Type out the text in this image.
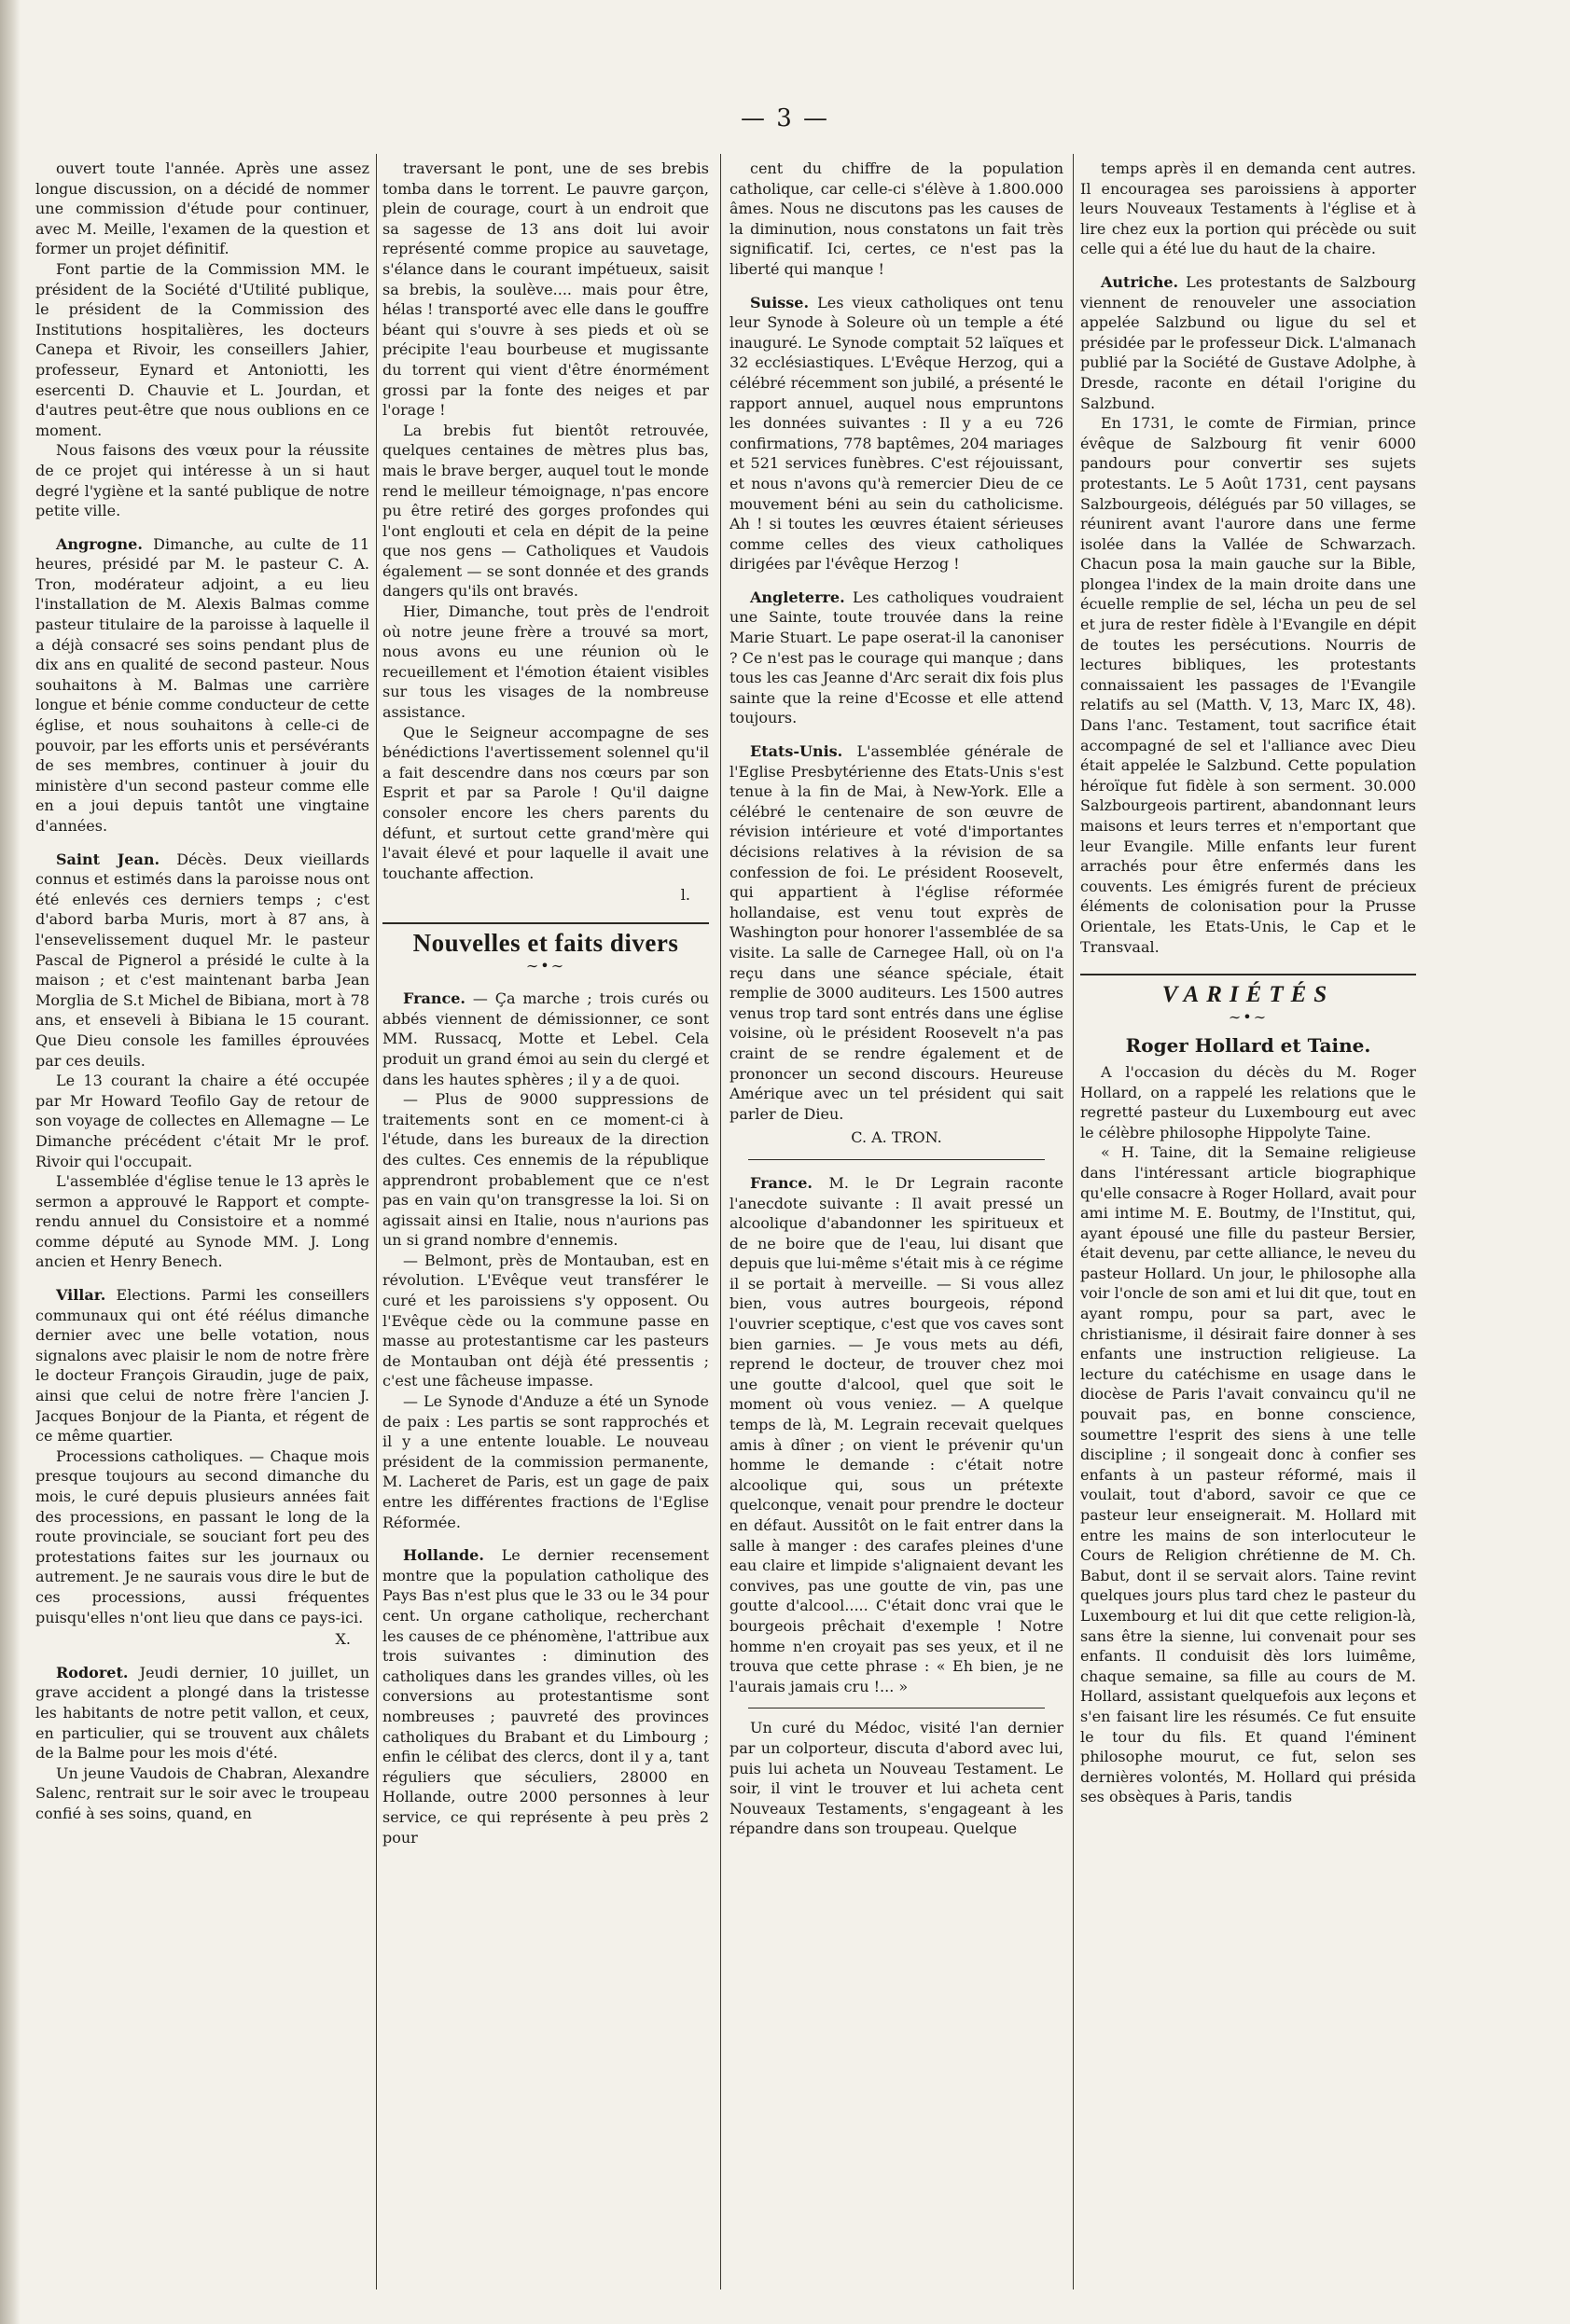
— 3 —

ouvert toute l'année. Après une assez longue discussion, on a décidé de nommer une commission d'étude pour continuer, avec M. Meille, l'examen de la question et former un projet définitif.

Font partie de la Commission MM. le président de la Société d'Utilité publique, le président de la Commission des Institutions hospitalières, les docteurs Canepa et Rivoir, les conseillers Jahier, professeur, Eynard et Antoniotti, les esercenti D. Chauvie et L. Jourdan, et d'autres peut-être que nous oublions en ce moment.

Nous faisons des vœux pour la réussite de ce projet qui intéresse à un si haut degré l'ygiène et la santé publique de notre petite ville.

Angrogne. Dimanche, au culte de 11 heures, présidé par M. le pasteur C. A. Tron, modérateur adjoint, a eu lieu l'installation de M. Alexis Balmas comme pasteur titulaire de la paroisse à laquelle il a déjà consacré ses soins pendant plus de dix ans en qualité de second pasteur. Nous souhaitons à M. Balmas une carrière longue et bénie comme conducteur de cette église, et nous souhaitons à celle-ci de pouvoir, par les efforts unis et persévérants de ses membres, continuer à jouir du ministère d'un second pasteur comme elle en a joui depuis tantôt une vingtaine d'années.

Saint Jean. Décès. Deux vieillards connus et estimés dans la paroisse nous ont été enlevés ces derniers temps ; c'est d'abord barba Muris, mort à 87 ans, à l'ensevelissement duquel Mr. le pasteur Pascal de Pignerol a présidé le culte à la maison ; et c'est maintenant barba Jean Morglia de S.t Michel de Bibiana, mort à 78 ans, et enseveli à Bibiana le 15 courant. Que Dieu console les familles éprouvées par ces deuils.

Le 13 courant la chaire a été occupée par Mr Howard Teofilo Gay de retour de son voyage de collectes en Allemagne — Le Dimanche précédent c'était Mr le prof. Rivoir qui l'occupait.

L'assemblée d'église tenue le 13 après le sermon a approuvé le Rapport et compte-rendu annuel du Consistoire et a nommé comme député au Synode MM. J. Long ancien et Henry Benech.

Villar. Elections. Parmi les conseillers communaux qui ont été réélus dimanche dernier avec une belle votation, nous signalons avec plaisir le nom de notre frère le docteur François Giraudin, juge de paix, ainsi que celui de notre frère l'ancien J. Jacques Bonjour de la Pianta, et régent de ce même quartier.

Processions catholiques. — Chaque mois presque toujours au second dimanche du mois, le curé depuis plusieurs années fait des processions, en passant le long de la route provinciale, se souciant fort peu des protestations faites sur les journaux ou autrement. Je ne saurais vous dire le but de ces processions, aussi fréquentes puisqu'elles n'ont lieu que dans ce pays-ici.

X.

Rodoret. Jeudi dernier, 10 juillet, un grave accident a plongé dans la tristesse les habitants de notre petit vallon, et ceux, en particulier, qui se trouvent aux châlets de la Balme pour les mois d'été.

Un jeune Vaudois de Chabran, Alexandre Salenc, rentrait sur le soir avec le troupeau confié à ses soins, quand, en

traversant le pont, une de ses brebis tomba dans le torrent. Le pauvre garçon, plein de courage, court à un endroit que sa sagesse de 13 ans doit lui avoir représenté comme propice au sauvetage, s'élance dans le courant impétueux, saisit sa brebis, la soulève.... mais pour être, hélas ! transporté avec elle dans le gouffre béant qui s'ouvre à ses pieds et où se précipite l'eau bourbeuse et mugissante du torrent qui vient d'être énormément grossi par la fonte des neiges et par l'orage !

La brebis fut bientôt retrouvée, quelques centaines de mètres plus bas, mais le brave berger, auquel tout le monde rend le meilleur témoignage, n'pas encore pu être retiré des gorges profondes qui l'ont englouti et cela en dépit de la peine que nos gens — Catholiques et Vaudois également — se sont donnée et des grands dangers qu'ils ont bravés.

Hier, Dimanche, tout près de l'endroit où notre jeune frère a trouvé sa mort, nous avons eu une réunion où le recueillement et l'émotion étaient visibles sur tous les visages de la nombreuse assistance.

Que le Seigneur accompagne de ses bénédictions l'avertissement solennel qu'il a fait descendre dans nos cœurs par son Esprit et par sa Parole ! Qu'il daigne consoler encore les chers parents du défunt, et surtout cette grand'mère qui l'avait élevé et pour laquelle il avait une touchante affection.

l.

Nouvelles et faits divers
∼•∼

France. — Ça marche ; trois curés ou abbés viennent de démissionner, ce sont MM. Russacq, Motte et Lebel. Cela produit un grand émoi au sein du clergé et dans les hautes sphères ; il y a de quoi.

— Plus de 9000 suppressions de traitements sont en ce moment-ci à l'étude, dans les bureaux de la direction des cultes. Ces ennemis de la république apprendront probablement que ce n'est pas en vain qu'on transgresse la loi. Si on agissait ainsi en Italie, nous n'aurions pas un si grand nombre d'ennemis.

— Belmont, près de Montauban, est en révolution. L'Evêque veut transférer le curé et les paroissiens s'y opposent. Ou l'Evêque cède ou la commune passe en masse au protestantisme car les pasteurs de Montauban ont déjà été pressentis ; c'est une fâcheuse impasse.

— Le Synode d'Anduze a été un Synode de paix : Les partis se sont rapprochés et il y a une entente louable. Le nouveau président de la commission permanente, M. Lacheret de Paris, est un gage de paix entre les différentes fractions de l'Eglise Réformée.

Hollande. Le dernier recensement montre que la population catholique des Pays Bas n'est plus que le 33 ou le 34 pour cent. Un organe catholique, recherchant les causes de ce phénomène, l'attribue aux trois suivantes : diminution des catholiques dans les grandes villes, où les conversions au protestantisme sont nombreuses ; pauvreté des provinces catholiques du Brabant et du Limbourg ; enfin le célibat des clercs, dont il y a, tant réguliers que séculiers, 28000 en Hollande, outre 2000 personnes à leur service, ce qui représente à peu près 2 pour

cent du chiffre de la population catholique, car celle-ci s'élève à 1.800.000 âmes. Nous ne discutons pas les causes de la diminution, nous constatons un fait très significatif. Ici, certes, ce n'est pas la liberté qui manque !

Suisse. Les vieux catholiques ont tenu leur Synode à Soleure où un temple a été inauguré. Le Synode comptait 52 laïques et 32 ecclésiastiques. L'Evêque Herzog, qui a célébré récemment son jubilé, a présenté le rapport annuel, auquel nous empruntons les données suivantes : Il y a eu 726 confirmations, 778 baptêmes, 204 mariages et 521 services funèbres. C'est réjouissant, et nous n'avons qu'à remercier Dieu de ce mouvement béni au sein du catholicisme. Ah ! si toutes les œuvres étaient sérieuses comme celles des vieux catholiques dirigées par l'évêque Herzog !

Angleterre. Les catholiques voudraient une Sainte, toute trouvée dans la reine Marie Stuart. Le pape oserat-il la canoniser ? Ce n'est pas le courage qui manque ; dans tous les cas Jeanne d'Arc serait dix fois plus sainte que la reine d'Ecosse et elle attend toujours.

Etats-Unis. L'assemblée générale de l'Eglise Presbytérienne des Etats-Unis s'est tenue à la fin de Mai, à New-York. Elle a célébré le centenaire de son œuvre de révision intérieure et voté d'importantes décisions relatives à la révision de sa confession de foi. Le président Roosevelt, qui appartient à l'église réformée hollandaise, est venu tout exprès de Washington pour honorer l'assemblée de sa visite. La salle de Carnegee Hall, où on l'a reçu dans une séance spéciale, était remplie de 3000 auditeurs. Les 1500 autres venus trop tard sont entrés dans une église voisine, où le président Roosevelt n'a pas craint de se rendre également et de prononcer un second discours. Heureuse Amérique avec un tel président qui sait parler de Dieu.

C. A. TRON.

France. M. le Dr Legrain raconte l'anecdote suivante : Il avait pressé un alcoolique d'abandonner les spiritueux et de ne boire que de l'eau, lui disant que depuis que lui-même s'était mis à ce régime il se portait à merveille. — Si vous allez bien, vous autres bourgeois, répond l'ouvrier sceptique, c'est que vos caves sont bien garnies. — Je vous mets au défi, reprend le docteur, de trouver chez moi une goutte d'alcool, quel que soit le moment où vous veniez. — A quelque temps de là, M. Legrain recevait quelques amis à dîner ; on vient le prévenir qu'un homme le demande : c'était notre alcoolique qui, sous un prétexte quelconque, venait pour prendre le docteur en défaut. Aussitôt on le fait entrer dans la salle à manger : des carafes pleines d'une eau claire et limpide s'alignaient devant les convives, pas une goutte de vin, pas une goutte d'alcool..... C'était donc vrai que le bourgeois prêchait d'exemple ! Notre homme n'en croyait pas ses yeux, et il ne trouva que cette phrase : « Eh bien, je ne l'aurais jamais cru !... »

Un curé du Médoc, visité l'an dernier par un colporteur, discuta d'abord avec lui, puis lui acheta un Nouveau Testament. Le soir, il vint le trouver et lui acheta cent Nouveaux Testaments, s'engageant à les répandre dans son troupeau. Quelque

temps après il en demanda cent autres. Il encouragea ses paroissiens à apporter leurs Nouveaux Testaments à l'église et à lire chez eux la portion qui précède ou suit celle qui a été lue du haut de la chaire.

Autriche. Les protestants de Salzbourg viennent de renouveler une association appelée Salzbund ou ligue du sel et présidée par le professeur Dick. L'almanach publié par la Société de Gustave Adolphe, à Dresde, raconte en détail l'origine du Salzbund.

En 1731, le comte de Firmian, prince évêque de Salzbourg fit venir 6000 pandours pour convertir ses sujets protestants. Le 5 Août 1731, cent paysans Salzbourgeois, délégués par 50 villages, se réunirent avant l'aurore dans une ferme isolée dans la Vallée de Schwarzach. Chacun posa la main gauche sur la Bible, plongea l'index de la main droite dans une écuelle remplie de sel, lécha un peu de sel et jura de rester fidèle à l'Evangile en dépit de toutes les persécutions. Nourris de lectures bibliques, les protestants connaissaient les passages de l'Evangile relatifs au sel (Matth. V, 13, Marc IX, 48). Dans l'anc. Testament, tout sacrifice était accompagné de sel et l'alliance avec Dieu était appelée le Salzbund. Cette population héroïque fut fidèle à son serment. 30.000 Salzbourgeois partirent, abandonnant leurs maisons et leurs terres et n'emportant que leur Evangile. Mille enfants leur furent arrachés pour être enfermés dans les couvents. Les émigrés furent de précieux éléments de colonisation pour la Prusse Orientale, les Etats-Unis, le Cap et le Transvaal.

VARIÉTÉS
∼•∼
Roger Hollard et Taine.

A l'occasion du décès du M. Roger Hollard, on a rappelé les relations que le regretté pasteur du Luxembourg eut avec le célèbre philosophe Hippolyte Taine.

« H. Taine, dit la Semaine religieuse dans l'intéressant article biographique qu'elle consacre à Roger Hollard, avait pour ami intime M. E. Boutmy, de l'Institut, qui, ayant épousé une fille du pasteur Bersier, était devenu, par cette alliance, le neveu du pasteur Hollard. Un jour, le philosophe alla voir l'oncle de son ami et lui dit que, tout en ayant rompu, pour sa part, avec le christianisme, il désirait faire donner à ses enfants une instruction religieuse. La lecture du catéchisme en usage dans le diocèse de Paris l'avait convaincu qu'il ne pouvait pas, en bonne conscience, soumettre l'esprit des siens à une telle discipline ; il songeait donc à confier ses enfants à un pasteur réformé, mais il voulait, tout d'abord, savoir ce que ce pasteur leur enseignerait. M. Hollard mit entre les mains de son interlocuteur le Cours de Religion chrétienne de M. Ch. Babut, dont il se servait alors. Taine revint quelques jours plus tard chez le pasteur du Luxembourg et lui dit que cette religion-là, sans être la sienne, lui convenait pour ses enfants. Il conduisit dès lors luimême, chaque semaine, sa fille au cours de M. Hollard, assistant quelquefois aux leçons et s'en faisant lire les résumés. Ce fut ensuite le tour du fils. Et quand l'éminent philosophe mourut, ce fut, selon ses dernières volontés, M. Hollard qui présida ses obsèques à Paris, tandis
